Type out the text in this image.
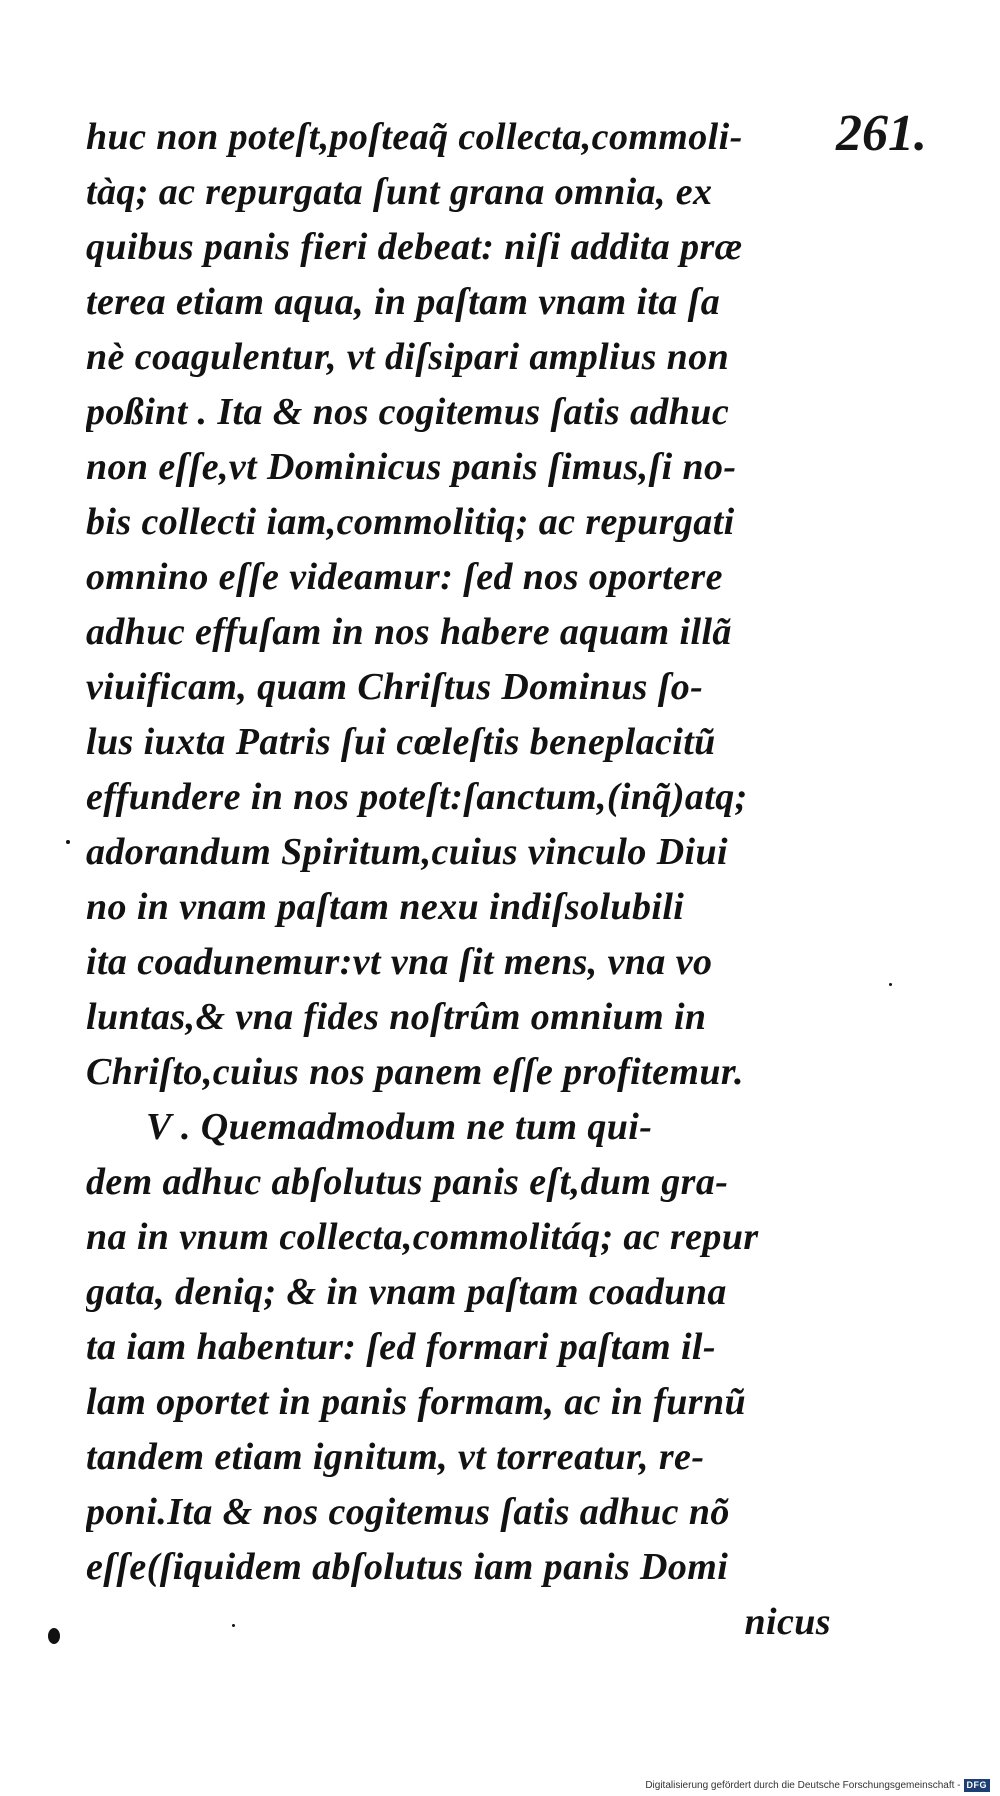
261.
huc non poteſt,poſteaq̃ collecta,commoli-
tàq; ac repurgata ſunt grana omnia, ex
quibus panis fieri debeat: niſi addita præ
terea etiam aqua, in paſtam vnam ita ſa
nè coagulentur, vt diſsipari amplius non
poßint . Ita & nos cogitemus ſatis adhuc
non eſſe,vt Dominicus panis ſimus,ſi no-
bis collecti iam,commolitiq; ac repurgati
omnino eſſe videamur: ſed nos oportere
adhuc effuſam in nos habere aquam illã
viuificam, quam Chriſtus Dominus ſo-
lus iuxta Patris ſui cœleſtis beneplacitũ
effundere in nos poteſt:ſanctum,(inq̃)atq;
adorandum Spiritum,cuius vinculo Diui
no in vnam paſtam nexu indiſsolubili
ita coadunemur:vt vna ſit mens, vna vo
luntas,& vna fides noſtrûm omnium in
Chriſto,cuius nos panem eſſe profitemur.
V . Quemadmodum ne tum qui-
dem adhuc abſolutus panis eſt,dum gra-
na in vnum collecta,commolitáq; ac repur
gata, deniq; & in vnam paſtam coaduna
ta iam habentur: ſed formari paſtam il-
lam oportet in panis formam, ac in furnũ
tandem etiam ignitum, vt torreatur, re-
poni.Ita & nos cogitemus ſatis adhuc nõ
eſſe(ſiquidem abſolutus iam panis Domi
nicus
Digitalisierung gefördert durch die Deutsche Forschungsgemeinschaft - DFG
